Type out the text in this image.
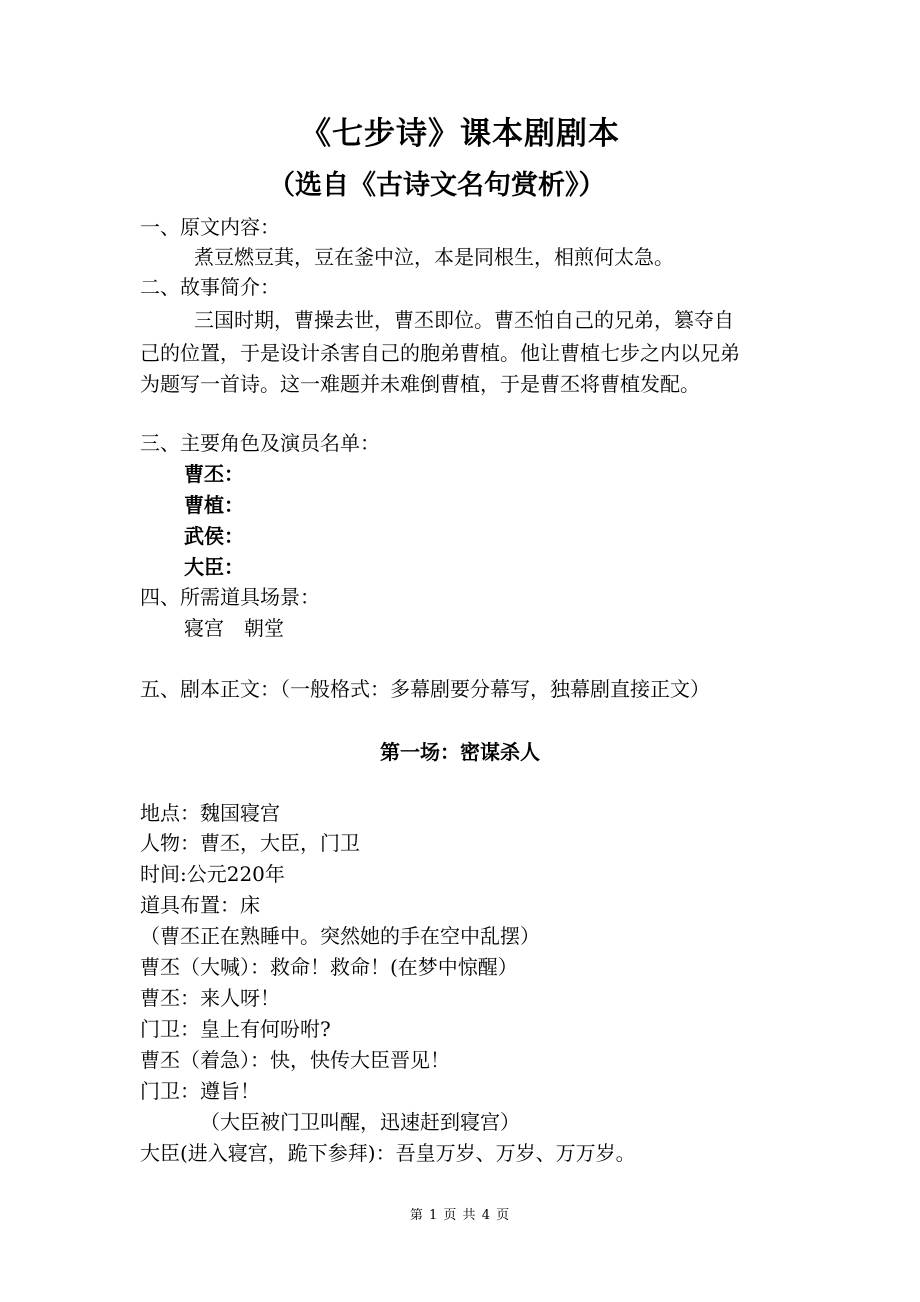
《七步诗》课本剧剧本
（选自《古诗文名句赏析》）
一、原文内容：
煮豆燃豆萁，豆在釜中泣，本是同根生，相煎何太急。
二、故事简介：
三国时期，曹操去世，曹丕即位。曹丕怕自己的兄弟，篡夺自
己的位置，于是设计杀害自己的胞弟曹植。他让曹植七步之内以兄弟
为题写一首诗。这一难题并未难倒曹植，于是曹丕将曹植发配。
三、主要角色及演员名单：
曹丕：
曹植：
武侯：
大臣：
四、所需道具场景：
寝宫　朝堂
五、剧本正文：（一般格式：多幕剧要分幕写，独幕剧直接正文）
第一场：密谋杀人
地点：魏国寝宫
人物：曹丕，大臣，门卫
时间:公元220年
道具布置：床
（曹丕正在熟睡中。突然她的手在空中乱摆）
曹丕（大喊）：救命！救命！(在梦中惊醒）
曹丕：来人呀！
门卫：皇上有何吩咐?
曹丕（着急）：快，快传大臣晋见！
门卫：遵旨！
（大臣被门卫叫醒，迅速赶到寝宫）
大臣(进入寝宫，跪下参拜)：吾皇万岁、万岁、万万岁。
第 1 页 共 4 页
